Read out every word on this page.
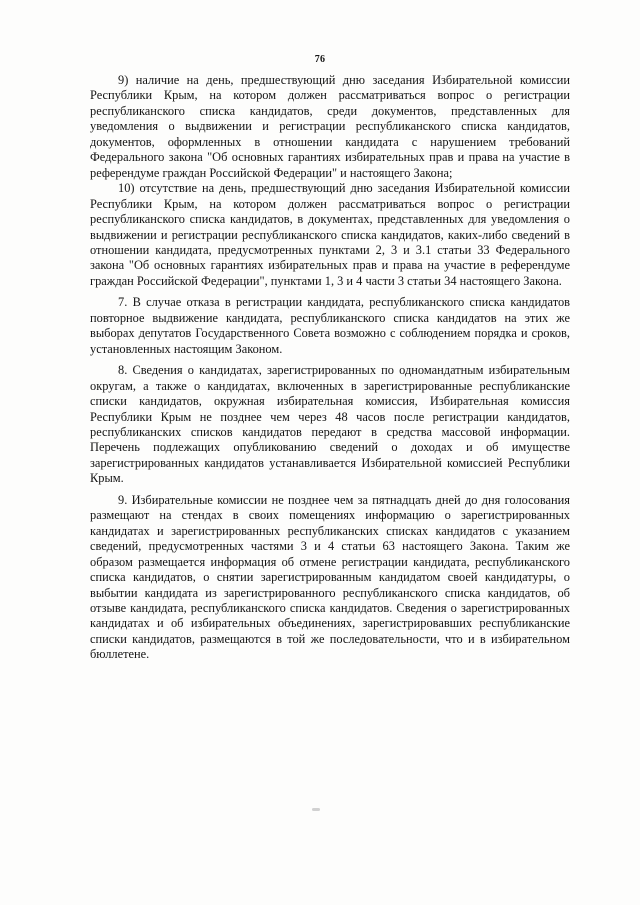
76

9) наличие на день, предшествующий дню заседания Избирательной комиссии Республики Крым, на котором должен рассматриваться вопрос о регистрации республиканского списка кандидатов, среди документов, представленных для уведомления о выдвижении и регистрации республиканского списка кандидатов, документов, оформленных в отношении кандидата с нарушением требований Федерального закона "Об основных гарантиях избирательных прав и права на участие в референдуме граждан Российской Федерации" и настоящего Закона;

10) отсутствие на день, предшествующий дню заседания Избирательной комиссии Республики Крым, на котором должен рассматриваться вопрос о регистрации республиканского списка кандидатов, в документах, представленных для уведомления о выдвижении и регистрации республиканского списка кандидатов, каких-либо сведений в отношении кандидата, предусмотренных пунктами 2, 3 и 3.1 статьи 33 Федерального закона "Об основных гарантиях избирательных прав и права на участие в референдуме граждан Российской Федерации", пунктами 1, 3 и 4 части 3 статьи 34 настоящего Закона.

7. В случае отказа в регистрации кандидата, республиканского списка кандидатов повторное выдвижение кандидата, республиканского списка кандидатов на этих же выборах депутатов Государственного Совета возможно с соблюдением порядка и сроков, установленных настоящим Законом.

8. Сведения о кандидатах, зарегистрированных по одномандатным избирательным округам, а также о кандидатах, включенных в зарегистрированные республиканские списки кандидатов, окружная избирательная комиссия, Избирательная комиссия Республики Крым не позднее чем через 48 часов после регистрации кандидатов, республиканских списков кандидатов передают в средства массовой информации. Перечень подлежащих опубликованию сведений о доходах и об имуществе зарегистрированных кандидатов устанавливается Избирательной комиссией Республики Крым.

9. Избирательные комиссии не позднее чем за пятнадцать дней до дня голосования размещают на стендах в своих помещениях информацию о зарегистрированных кандидатах и зарегистрированных республиканских списках кандидатов с указанием сведений, предусмотренных частями 3 и 4 статьи 63 настоящего Закона. Таким же образом размещается информация об отмене регистрации кандидата, республиканского списка кандидатов, о снятии зарегистрированным кандидатом своей кандидатуры, о выбытии кандидата из зарегистрированного республиканского списка кандидатов, об отзыве кандидата, республиканского списка кандидатов. Сведения о зарегистрированных кандидатах и об избирательных объединениях, зарегистрировавших республиканские списки кандидатов, размещаются в той же последовательности, что и в избирательном бюллетене.
